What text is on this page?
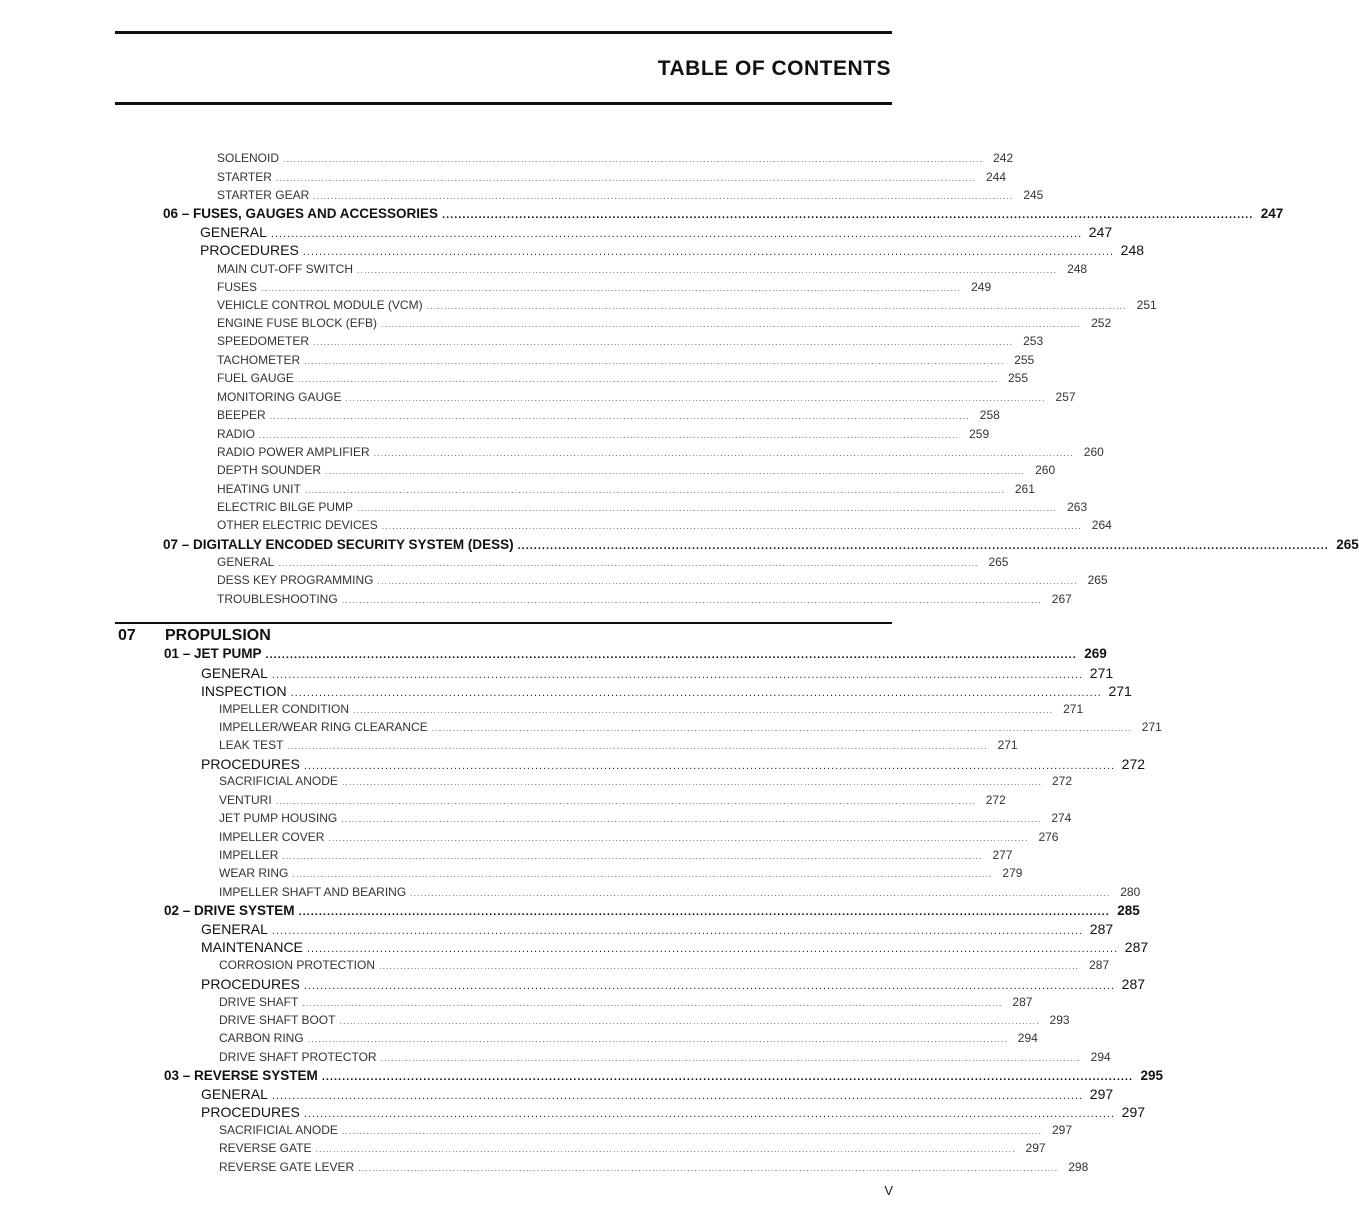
TABLE OF CONTENTS
07
SOLENOID ........................................................................................................................................................................................................ 242
STARTER ........................................................................................................................................................................................................ 244
STARTER GEAR ........................................................................................................................................................................................................ 245
06 – FUSES, GAUGES AND ACCESSORIES ........................................................................................................................................................................................................ 247
GENERAL ........................................................................................................................................................................................................ 247
PROCEDURES ........................................................................................................................................................................................................ 248
MAIN CUT-OFF SWITCH ........................................................................................................................................................................................................ 248
FUSES ........................................................................................................................................................................................................ 249
VEHICLE CONTROL MODULE (VCM) ........................................................................................................................................................................................................ 251
ENGINE FUSE BLOCK (EFB) ........................................................................................................................................................................................................ 252
SPEEDOMETER ........................................................................................................................................................................................................ 253
TACHOMETER ........................................................................................................................................................................................................ 255
FUEL GAUGE ........................................................................................................................................................................................................ 255
MONITORING GAUGE ........................................................................................................................................................................................................ 257
BEEPER ........................................................................................................................................................................................................ 258
RADIO ........................................................................................................................................................................................................ 259
RADIO POWER AMPLIFIER ........................................................................................................................................................................................................ 260
DEPTH SOUNDER ........................................................................................................................................................................................................ 260
HEATING UNIT ........................................................................................................................................................................................................ 261
ELECTRIC BILGE PUMP ........................................................................................................................................................................................................ 263
OTHER ELECTRIC DEVICES ........................................................................................................................................................................................................ 264
07 – DIGITALLY ENCODED SECURITY SYSTEM (DESS) ........................................................................................................................................................................................................ 265
GENERAL ........................................................................................................................................................................................................ 265
DESS KEY PROGRAMMING ........................................................................................................................................................................................................ 265
TROUBLESHOOTING ........................................................................................................................................................................................................ 267
PROPULSION
01 – JET PUMP ........................................................................................................................................................................................................ 269
GENERAL ........................................................................................................................................................................................................ 271
INSPECTION ........................................................................................................................................................................................................ 271
IMPELLER CONDITION ........................................................................................................................................................................................................ 271
IMPELLER/WEAR RING CLEARANCE ........................................................................................................................................................................................................ 271
LEAK TEST ........................................................................................................................................................................................................ 271
PROCEDURES ........................................................................................................................................................................................................ 272
SACRIFICIAL ANODE ........................................................................................................................................................................................................ 272
VENTURI ........................................................................................................................................................................................................ 272
JET PUMP HOUSING ........................................................................................................................................................................................................ 274
IMPELLER COVER ........................................................................................................................................................................................................ 276
IMPELLER ........................................................................................................................................................................................................ 277
WEAR RING ........................................................................................................................................................................................................ 279
IMPELLER SHAFT AND BEARING ........................................................................................................................................................................................................ 280
02 – DRIVE SYSTEM ........................................................................................................................................................................................................ 285
GENERAL ........................................................................................................................................................................................................ 287
MAINTENANCE ........................................................................................................................................................................................................ 287
CORROSION PROTECTION ........................................................................................................................................................................................................ 287
PROCEDURES ........................................................................................................................................................................................................ 287
DRIVE SHAFT ........................................................................................................................................................................................................ 287
DRIVE SHAFT BOOT ........................................................................................................................................................................................................ 293
CARBON RING ........................................................................................................................................................................................................ 294
DRIVE SHAFT PROTECTOR ........................................................................................................................................................................................................ 294
03 – REVERSE SYSTEM ........................................................................................................................................................................................................ 295
GENERAL ........................................................................................................................................................................................................ 297
PROCEDURES ........................................................................................................................................................................................................ 297
SACRIFICIAL ANODE ........................................................................................................................................................................................................ 297
REVERSE GATE ........................................................................................................................................................................................................ 297
REVERSE GATE LEVER ........................................................................................................................................................................................................ 298
V
